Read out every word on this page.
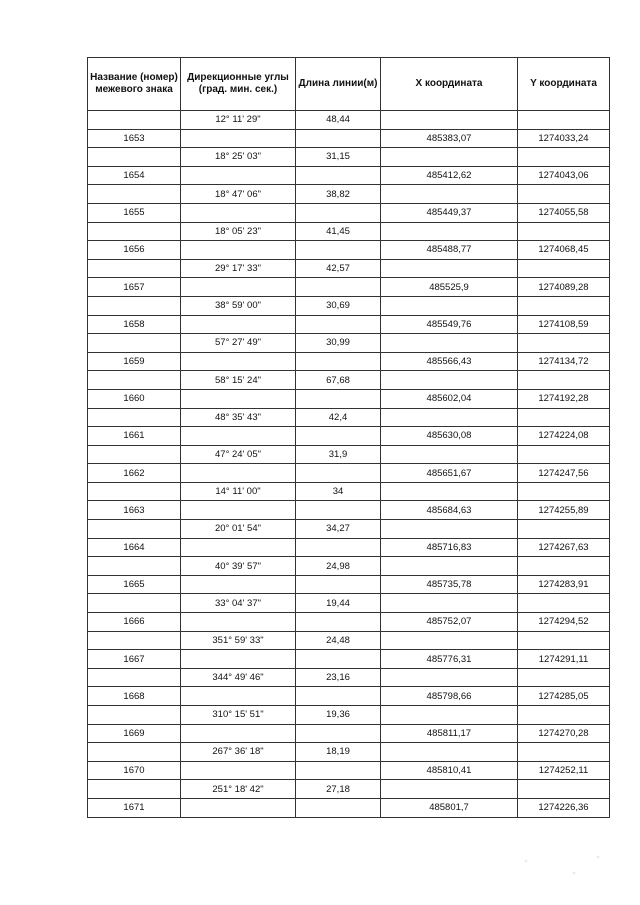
Название (номер) межевого знака	Дирекционные углы (град. мин. сек.)	Длина линии(м)	X координата	Y координата
	12° 11' 29"	48,44		
1653			485383,07	1274033,24
	18° 25' 03"	31,15		
1654			485412,62	1274043,06
	18° 47' 06"	38,82		
1655			485449,37	1274055,58
	18° 05' 23"	41,45		
1656			485488,77	1274068,45
	29° 17' 33"	42,57		
1657			485525,9	1274089,28
	38° 59' 00"	30,69		
1658			485549,76	1274108,59
	57° 27' 49"	30,99		
1659			485566,43	1274134,72
	58° 15' 24"	67,68		
1660			485602,04	1274192,28
	48° 35' 43"	42,4		
1661			485630,08	1274224,08
	47° 24' 05"	31,9		
1662			485651,67	1274247,56
	14° 11' 00"	34		
1663			485684,63	1274255,89
	20° 01' 54"	34,27		
1664			485716,83	1274267,63
	40° 39' 57"	24,98		
1665			485735,78	1274283,91
	33° 04' 37"	19,44		
1666			485752,07	1274294,52
	351° 59' 33"	24,48		
1667			485776,31	1274291,11
	344° 49' 46"	23,16		
1668			485798,66	1274285,05
	310° 15' 51"	19,36		
1669			485811,17	1274270,28
	267° 36' 18"	18,19		
1670			485810,41	1274252,11
	251° 18' 42"	27,18		
1671			485801,7	1274226,36
